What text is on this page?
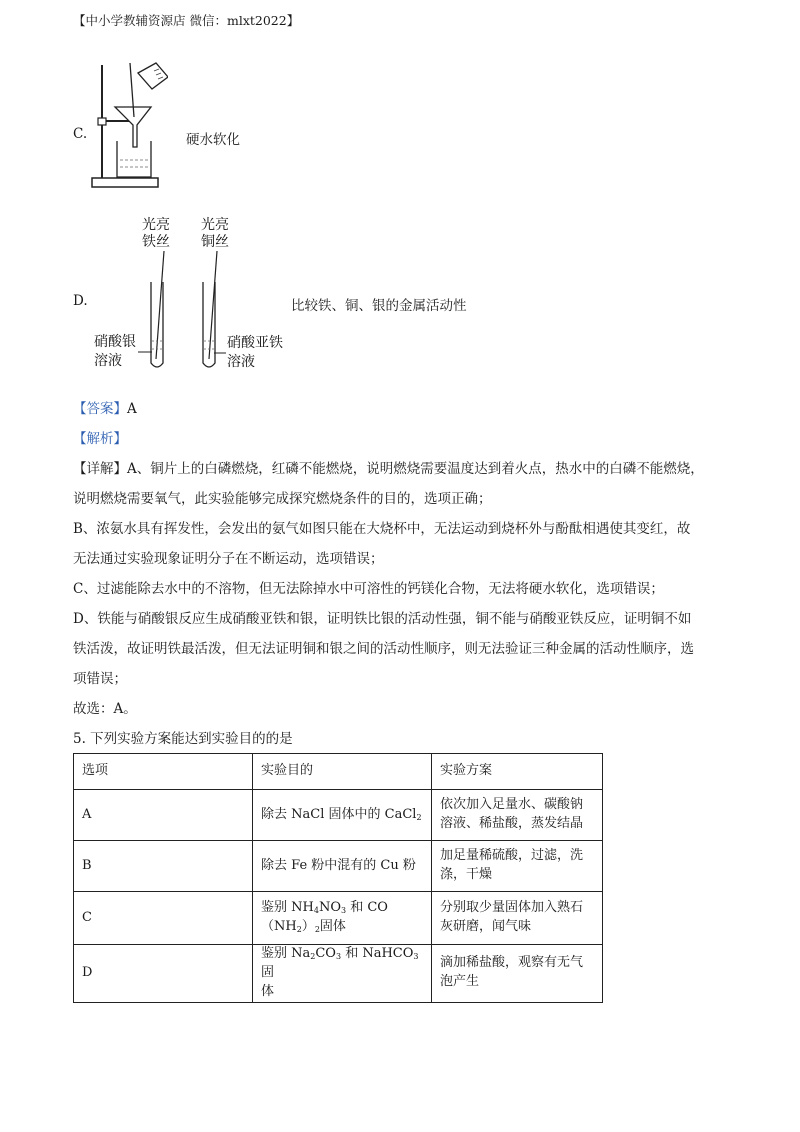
【中小学教辅资源店 微信：mlxt2022】
C.	硬水软化
D.
光亮
铁丝
光亮
铜丝
硝酸银
溶液
硝酸亚铁
溶液
比较铁、铜、银的金属活动性
【答案】A
【解析】
【详解】A、铜片上的白磷燃烧，红磷不能燃烧，说明燃烧需要温度达到着火点，热水中的白磷不能燃烧，
说明燃烧需要氧气，此实验能够完成探究燃烧条件的目的，选项正确；
B、浓氨水具有挥发性，会发出的氨气如图只能在大烧杯中，无法运动到烧杯外与酚酞相遇使其变红，故
无法通过实验现象证明分子在不断运动，选项错误；
C、过滤能除去水中的不溶物，但无法除掉水中可溶性的钙镁化合物，无法将硬水软化，选项错误；
D、铁能与硝酸银反应生成硝酸亚铁和银，证明铁比银的活动性强，铜不能与硝酸亚铁反应，证明铜不如
铁活泼，故证明铁最活泼，但无法证明铜和银之间的活动性顺序，则无法验证三种金属的活动性顺序，选
项错误；
故选：A。
5. 下列实验方案能达到实验目的的是
选项	实验目的	实验方案
A	除去 NaCl 固体中的 CaCl$_2$	依次加入足量水、碳酸钠
溶液、稀盐酸，蒸发结晶
B	除去 Fe 粉中混有的 Cu 粉	加足量稀硫酸，过滤，洗
涤，干燥
C	鉴别 $NH_4NO_3$ 和 CO
$(NH_2)_2$固体	分别取少量固体加入熟石
灰研磨，闻气味
D	鉴别 $Na_2CO_3$ 和 NaHCO$_3$ 固
体	滴加稀盐酸，观察有无气
泡产生
